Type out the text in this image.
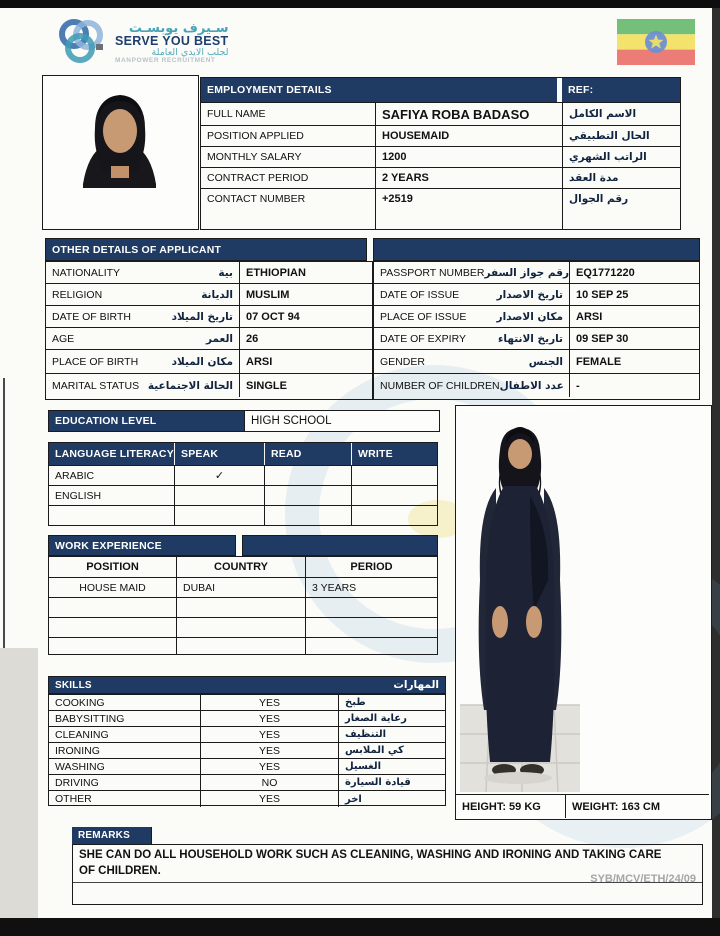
سـيرف يوبسـت
SERVE YOU BEST
لجلب الايدي العاملة
MANPOWER RECRUITMENT
EMPLOYMENT DETAILS	REF:
FULL NAME	SAFIYA ROBA BADASO	الاسم الكامل
POSITION APPLIED	HOUSEMAID	الحال التطبيقي
MONTHLY SALARY	1200	الراتب الشهري
CONTRACT PERIOD	2 YEARS	مدة العقد
CONTACT NUMBER	+2519	رقم الجوال
OTHER DETAILS OF APPLICANT
NATIONALITY	بية	ETHIOPIAN
RELIGION	الديانة	MUSLIM
DATE OF BIRTH	تاريخ الميلاد	07 OCT 94
AGE	العمر	26
PLACE OF BIRTH	مكان الميلاد	ARSI
MARITAL STATUS الحالة الاجتماعية	SINGLE
PASSPORT NUMBER رقم جواز السفر EQ1771220
DATE OF ISSUE	تاريخ الاصدار	10 SEP 25
PLACE OF ISSUE	مكان الاصدار	ARSI
DATE OF EXPIRY	تاريخ الانتهاء	09 SEP 30
GENDER	الجنس	FEMALE
NUMBER OF CHILDREN عدد الاطفال	-
EDUCATION LEVEL	HIGH SCHOOL
LANGUAGE LITERACY SPEAK	READ	WRITE
ARABIC	✓
ENGLISH
WORK EXPERIENCE
POSITION	COUNTRY	PERIOD
HOUSE MAID	DUBAI	3 YEARS
SKILLS	المهارات
COOKING	YES	طبخ
BABYSITTING	YES	رعاية الصغار
CLEANING	YES	التنظيف
IRONING	YES	كي الملابس
WASHING	YES	الغسيل
DRIVING	NO	قيادة السيارة
OTHER	YES	اخر
HEIGHT: 59 KG	WEIGHT: 163 CM
REMARKS
SHE CAN DO ALL HOUSEHOLD WORK SUCH AS CLEANING, WASHING AND IRONING AND TAKING CARE OF CHILDREN.
SYB/MCV/ETH/24/09
